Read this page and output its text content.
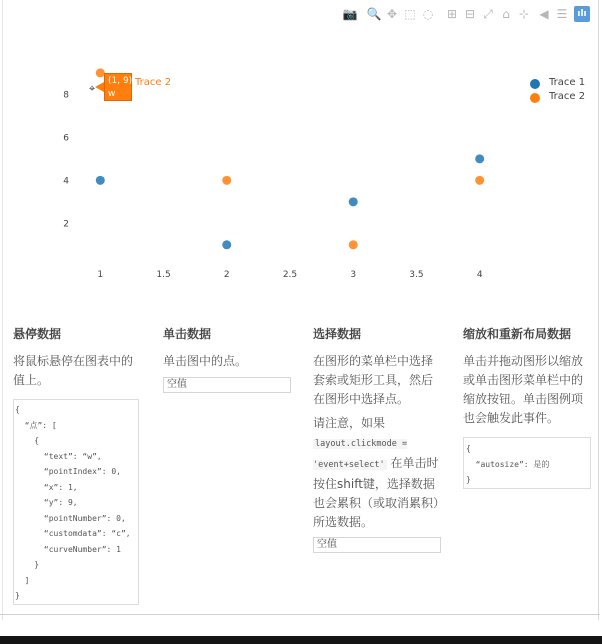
📷 🔍 ✥ ⬚ ◌ ⊞ ⊟ ⤢ ⌂ ⊹ ◀ ☰	ılı
1	1.5	2	2.5	3	3.5	4
2
4
6
8
Trace 1
Trace 2
⌖
(1, 9)
w
Trace 2
悬停数据

将鼠标悬停在图表中的值上。

{
“点”: [
{
“text”: “w”,
“pointIndex”: 0,
“x”: 1,
“y”: 9,
“pointNumber”: 0,
“customdata”: “c”,
“curveNumber”: 1
}
]
}
单击数据

单击图中的点。

空值
选择数据

在图形的菜单栏中选择套索或矩形工具，然后在图形中选择点。

请注意，如果
layout.clickmode = 'event+select' 在单击时按住shift键，选择数据也会累积（或取消累积）所选数据。

空值
缩放和重新布局数据

单击并拖动图形以缩放或单击图形菜单栏中的缩放按钮。单击图例项也会触发此事件。

{
“autosize”: 是的
}
